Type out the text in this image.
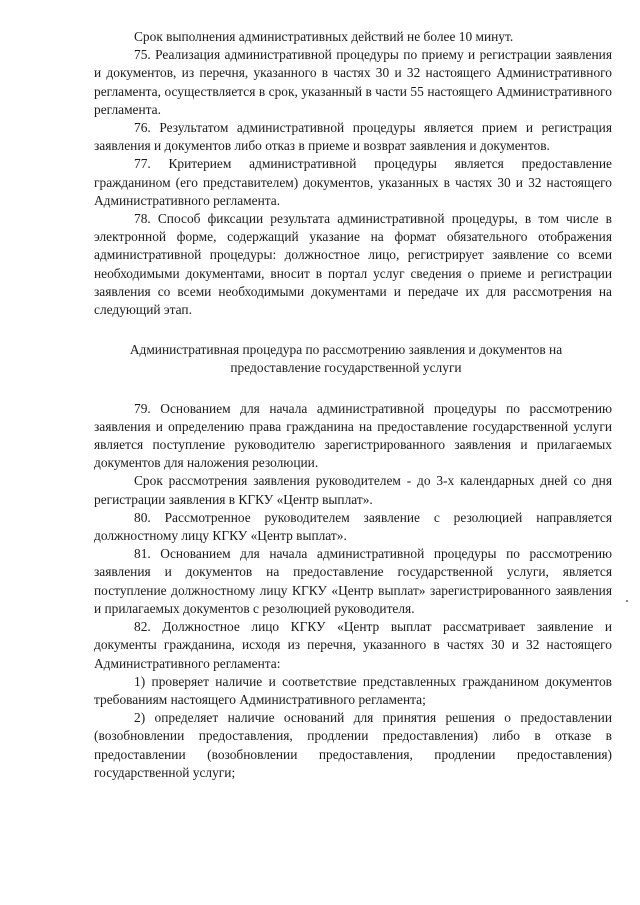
Срок выполнения административных действий не более 10 минут.

75. Реализация административной процедуры по приему и регистрации заявления и документов, из перечня, указанного в частях 30 и 32 настоящего Административного регламента, осуществляется в срок, указанный в части 55 настоящего Административного регламента.

76. Результатом административной процедуры является прием и регистрация заявления и документов либо отказ в приеме и возврат заявления и документов.

77. Критерием административной процедуры является предоставление гражданином (его представителем) документов, указанных в частях 30 и 32 настоящего Административного регламента.

78. Способ фиксации результата административной процедуры, в том числе в электронной форме, содержащий указание на формат обязательного отображения административной процедуры: должностное лицо, регистрирует заявление со всеми необходимыми документами, вносит в портал услуг сведения о приеме и регистрации заявления со всеми необходимыми документами и передаче их для рассмотрения на следующий этап.

Административная процедура по рассмотрению заявления и документов на предоставление государственной услуги

79. Основанием для начала административной процедуры по рассмотрению заявления и определению права гражданина на предоставление государственной услуги является поступление руководителю зарегистрированного заявления и прилагаемых документов для наложения резолюции.

Срок рассмотрения заявления руководителем - до 3-х календарных дней со дня регистрации заявления в КГКУ «Центр выплат».

80. Рассмотренное руководителем заявление с резолюцией направляется должностному лицу КГКУ «Центр выплат».

81. Основанием для начала административной процедуры по рассмотрению заявления и документов на предоставление государственной услуги, является поступление должностному лицу КГКУ «Центр выплат» зарегистрированного заявления и прилагаемых документов с резолюцией руководителя.

82. Должностное лицо КГКУ «Центр выплат рассматривает заявление и документы гражданина, исходя из перечня, указанного в частях 30 и 32 настоящего Административного регламента:

1) проверяет наличие и соответствие представленных гражданином документов требованиям настоящего Административного регламента;

2) определяет наличие оснований для принятия решения о предоставлении (возобновлении предоставления, продлении предоставления) либо в отказе в предоставлении (возобновлении предоставления, продлении предоставления) государственной услуги;
